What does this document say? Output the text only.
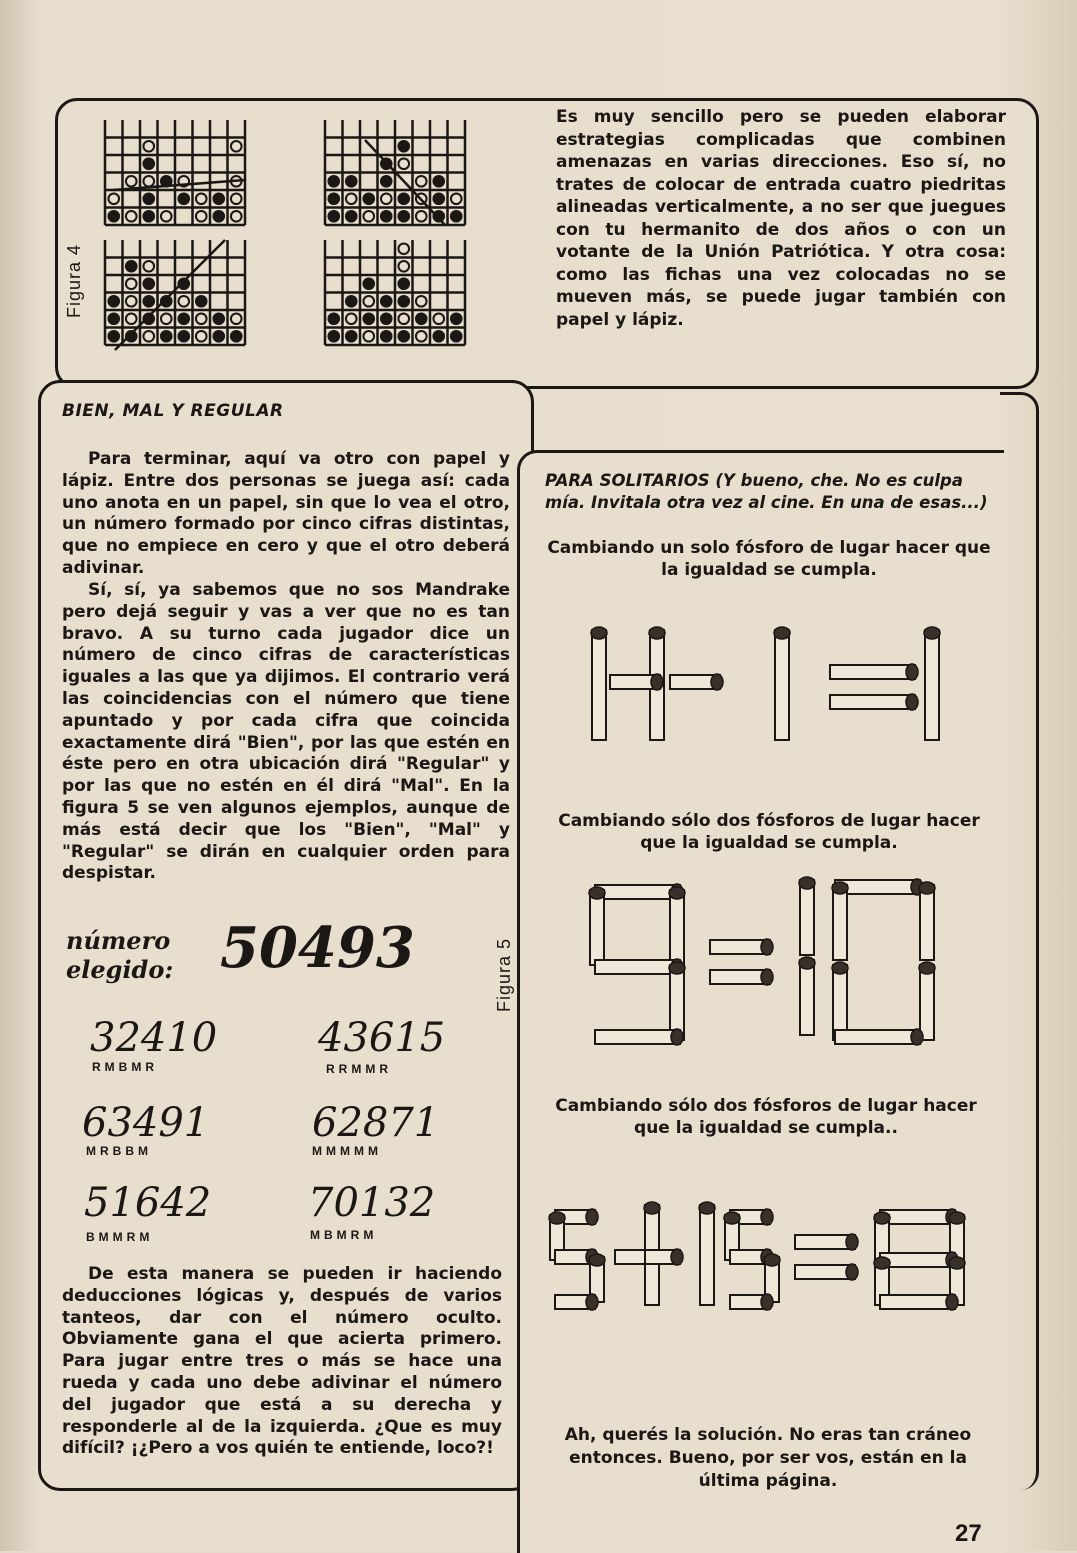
Figura 4
Es muy sencillo pero se pueden elaborar estrategias complicadas que combinen amenazas en varias direcciones. Eso sí, no trates de colocar de entrada cuatro piedritas alineadas verticalmente, a no ser que juegues con tu hermanito de dos años o con un votante de la Unión Patriótica. Y otra cosa: como las fichas una vez colocadas no se mueven más, se puede jugar también con papel y lápiz.
BIEN, MAL Y REGULAR
Para terminar, aquí va otro con papel y lápiz. Entre dos personas se juega así: cada uno anota en un papel, sin que lo vea el otro, un número formado por cinco cifras distintas, que no empiece en cero y que el otro deberá adivinar.
Sí, sí, ya sabemos que no sos Mandrake pero dejá seguir y vas a ver que no es tan bravo. A su turno cada jugador dice un número de cinco cifras de características iguales a las que ya dijimos. El contrario verá las coincidencias con el número que tiene apuntado y por cada cifra que coincida exactamente dirá "Bien", por las que estén en éste pero en otra ubicación dirá "Regular" y por las que no estén en él dirá "Mal". En la figura 5 se ven algunos ejemplos, aunque de más está decir que los "Bien", "Mal" y "Regular" se dirán en cualquier orden para despistar.
Figura 5
número
elegido: 50493
32410
RMBMR
43615
RRMMR
63491
MRBBM
62871
MMMMM
51642
BMMRM
70132
MBMRM
De esta manera se pueden ir haciendo deducciones lógicas y, después de varios tanteos, dar con el número oculto. Obviamente gana el que acierta primero. Para jugar entre tres o más se hace una rueda y cada uno debe adivinar el número del jugador que está a su derecha y responderle al de la izquierda. ¿Que es muy difícil? ¡¿Pero a vos quién te entiende, loco?!
PARA SOLITARIOS (Y bueno, che. No es culpa mía. Invitala otra vez al cine. En una de esas...)
Cambiando un solo fósforo de lugar hacer que la igualdad se cumpla.
Cambiando sólo dos fósforos de lugar hacer que la igualdad se cumpla.
Cambiando sólo dos fósforos de lugar hacer que la igualdad se cumpla..
Ah, querés la solución. No eras tan cráneo entonces. Bueno, por ser vos, están en la última página.
27
